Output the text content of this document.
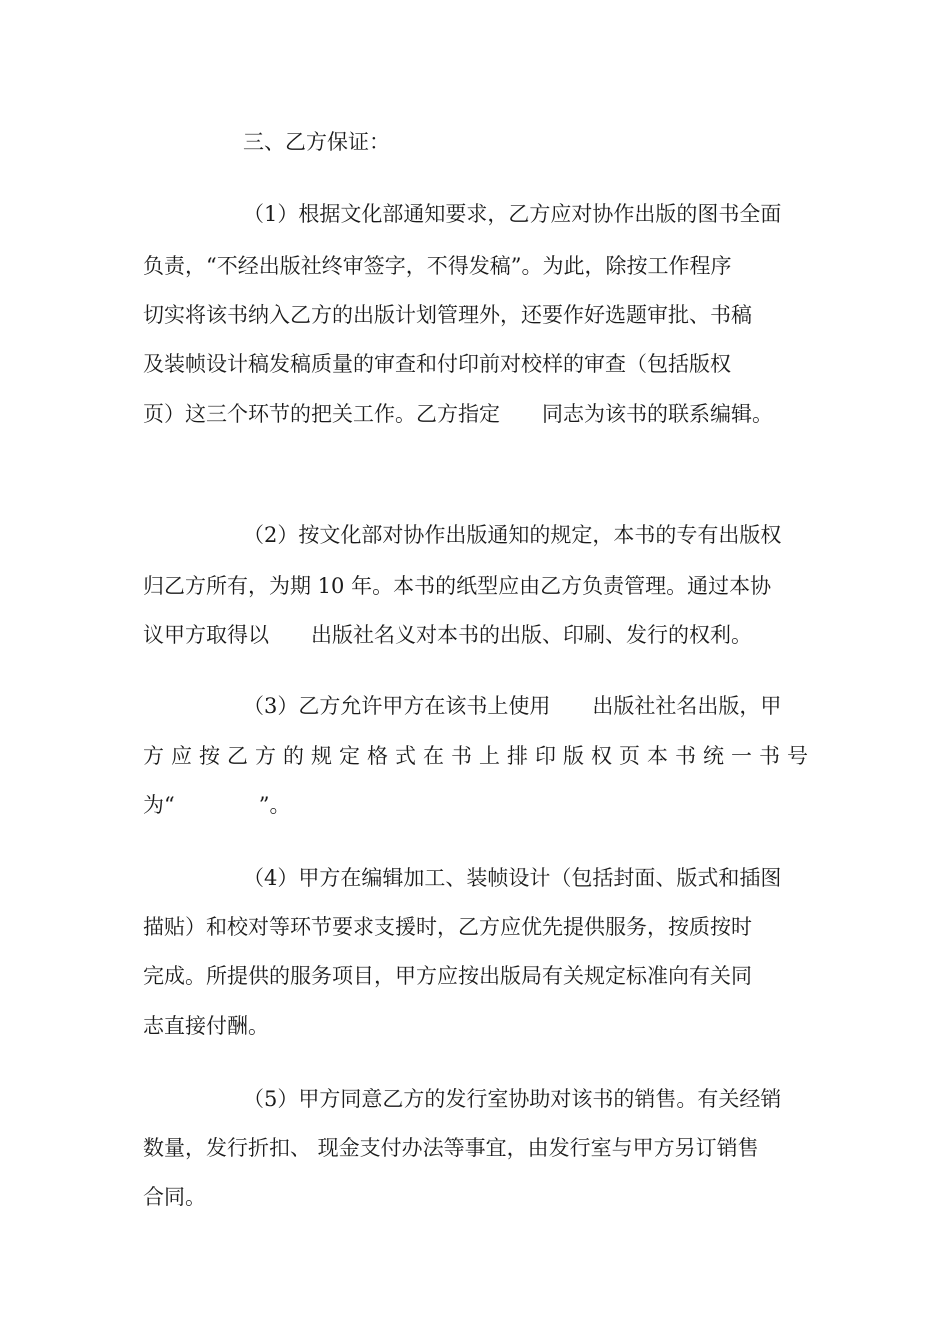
三、乙方保证：

（1）根据文化部通知要求，乙方应对协作出版的图书全面

负责，“不经出版社终审签字，不得发稿”。为此，除按工作程序

切实将该书纳入乙方的出版计划管理外，还要作好选题审批、书稿

及装帧设计稿发稿质量的审查和付印前对校样的审查（包括版权

页）这三个环节的把关工作。乙方指定　　同志为该书的联系编辑。

（2）按文化部对协作出版通知的规定，本书的专有出版权

归乙方所有，为期 10 年。本书的纸型应由乙方负责管理。通过本协

议甲方取得以　　出版社名义对本书的出版、印刷、发行的权利。

（3）乙方允许甲方在该书上使用　　出版社社名出版，甲

方 应 按 乙 方 的 规 定 格 式 在 书 上 排 印 版 权 页 本 书 统 一 书 号

为“　　　　”。

（4）甲方在编辑加工、装帧设计（包括封面、版式和插图

描贴）和校对等环节要求支援时，乙方应优先提供服务，按质按时

完成。所提供的服务项目，甲方应按出版局有关规定标准向有关同

志直接付酬。

（5）甲方同意乙方的发行室协助对该书的销售。有关经销

数量，发行折扣、 现金支付办法等事宜，由发行室与甲方另订销售

合同。
